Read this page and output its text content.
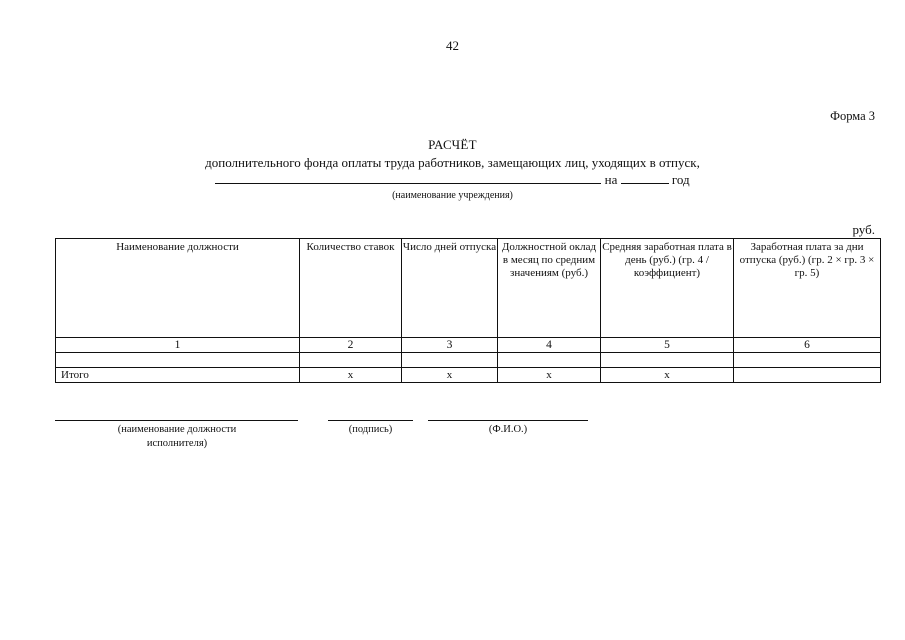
42
Форма 3
РАСЧЁТ
дополнительного фонда оплаты труда работников, замещающих лиц, уходящих в отпуск,
на	год
(наименование учреждения)
руб.
Наименование должности	Количество ставок	Число дней отпуска	Должностной оклад в месяц по средним значениям (руб.)	Средняя заработная плата в день (руб.) (гр. 4 / коэффициент)	Заработная плата за дни отпуска (руб.) (гр. 2 × гр. 3 × гр. 5)
1	2	3	4	5	6

Итого	x	x	x	x	
(наименование должности исполнителя)
(подпись)	(Ф.И.О.)
